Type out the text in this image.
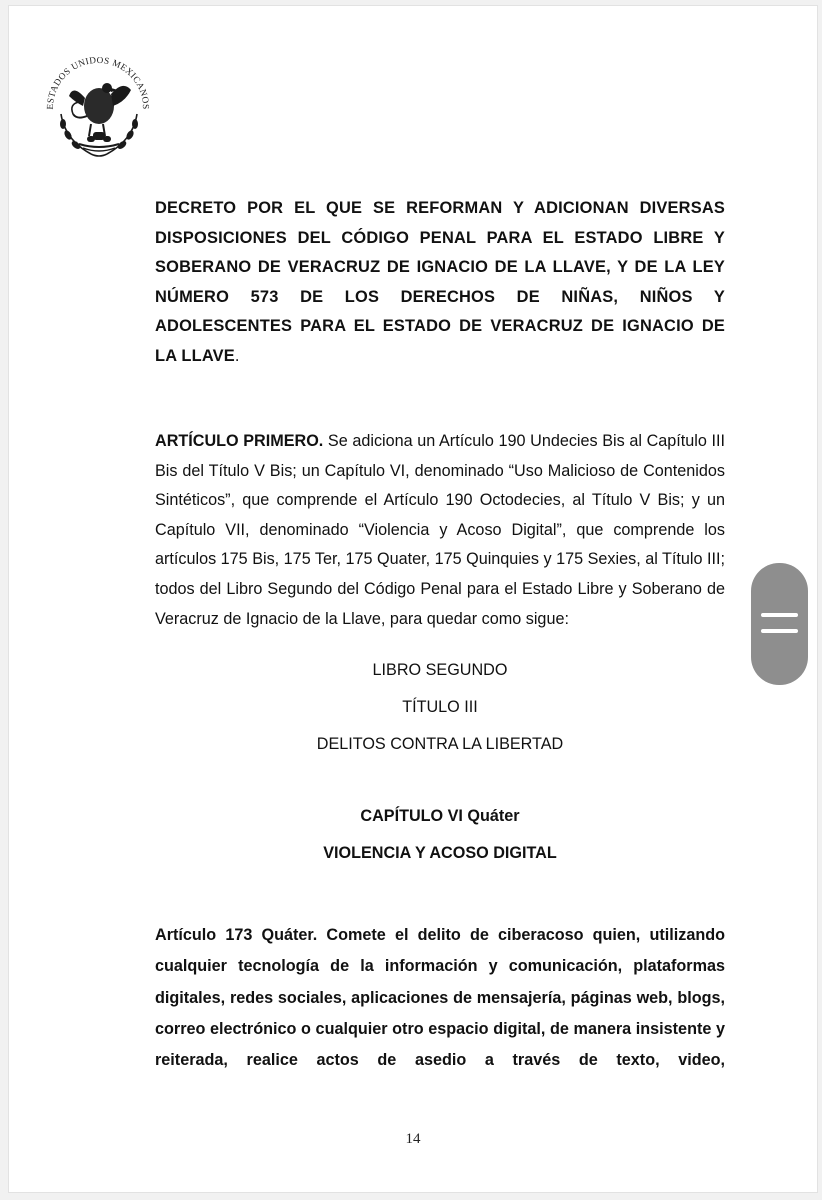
ESTADOS UNIDOS MEXICANOS
DECRETO POR EL QUE SE REFORMAN Y ADICIONAN DIVERSAS DISPOSICIONES DEL CÓDIGO PENAL PARA EL ESTADO LIBRE Y SOBERANO DE VERACRUZ DE IGNACIO DE LA LLAVE, Y DE LA LEY NÚMERO 573 DE LOS DERECHOS DE NIÑAS, NIÑOS Y ADOLESCENTES PARA EL ESTADO DE VERACRUZ DE IGNACIO DE LA LLAVE.
ARTÍCULO PRIMERO. Se adiciona un Artículo 190 Undecies Bis al Capítulo III Bis del Título V Bis; un Capítulo VI, denominado “Uso Malicioso de Contenidos Sintéticos”, que comprende el Artículo 190 Octodecies, al Título V Bis; y un Capítulo VII, denominado “Violencia y Acoso Digital”, que comprende los artículos 175 Bis, 175 Ter, 175 Quater, 175 Quinquies y 175 Sexies, al Título III; todos del Libro Segundo del Código Penal para el Estado Libre y Soberano de Veracruz de Ignacio de la Llave, para quedar como sigue:
LIBRO SEGUNDO
TÍTULO III
DELITOS CONTRA LA LIBERTAD
CAPÍTULO VI Quáter
VIOLENCIA Y ACOSO DIGITAL
Artículo 173 Quáter. Comete el delito de ciberacoso quien, utilizando cualquier tecnología de la información y comunicación, plataformas digitales, redes sociales, aplicaciones de mensajería, páginas web, blogs, correo electrónico o cualquier otro espacio digital, de manera insistente y reiterada, realice actos de asedio a través de texto, video,
14
